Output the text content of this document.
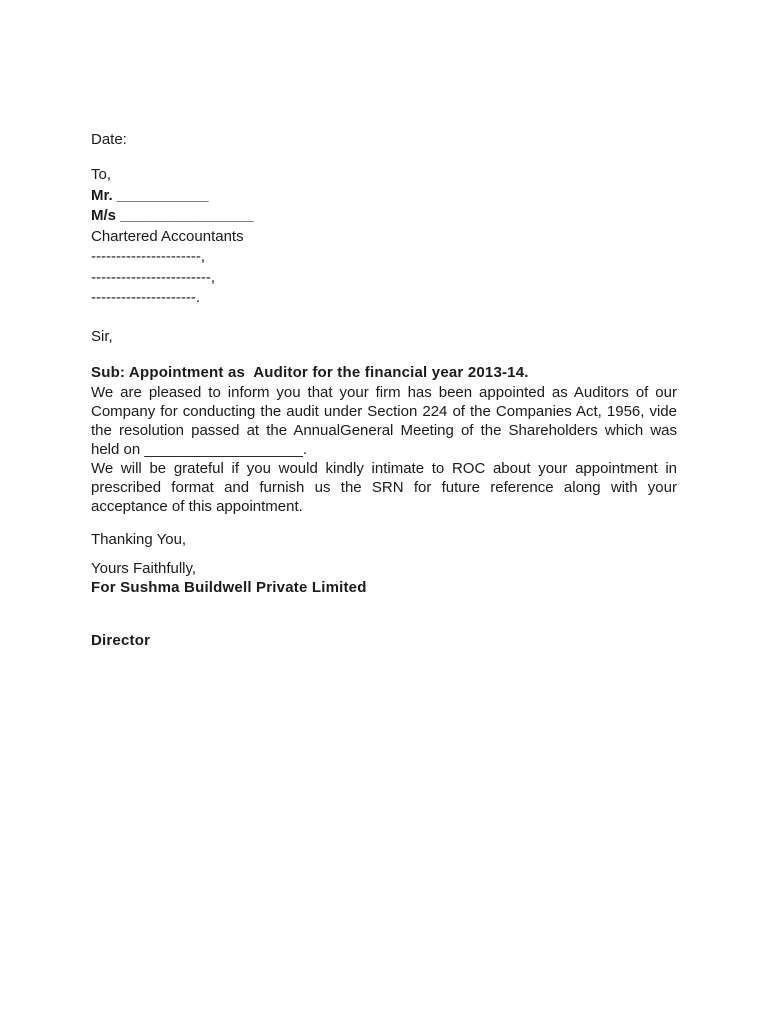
Date:
To,
Mr. ___________
M/s ________________
Chartered Accountants
----------------------,
------------------------,
---------------------.
Sir,
Sub: Appointment as  Auditor for the financial year 2013-14.

We are pleased to inform you that your firm has been appointed as Auditors of our Company for conducting the audit under Section 224 of the Companies Act, 1956, vide the resolution passed at the AnnualGeneral Meeting of the Shareholders which was held on ___________________.

We will be grateful if you would kindly intimate to ROC about your appointment in prescribed format and furnish us the SRN for future reference along with your acceptance of this appointment.

Thanking You,
Yours Faithfully,
For Sushma Buildwell Private Limited
Director
